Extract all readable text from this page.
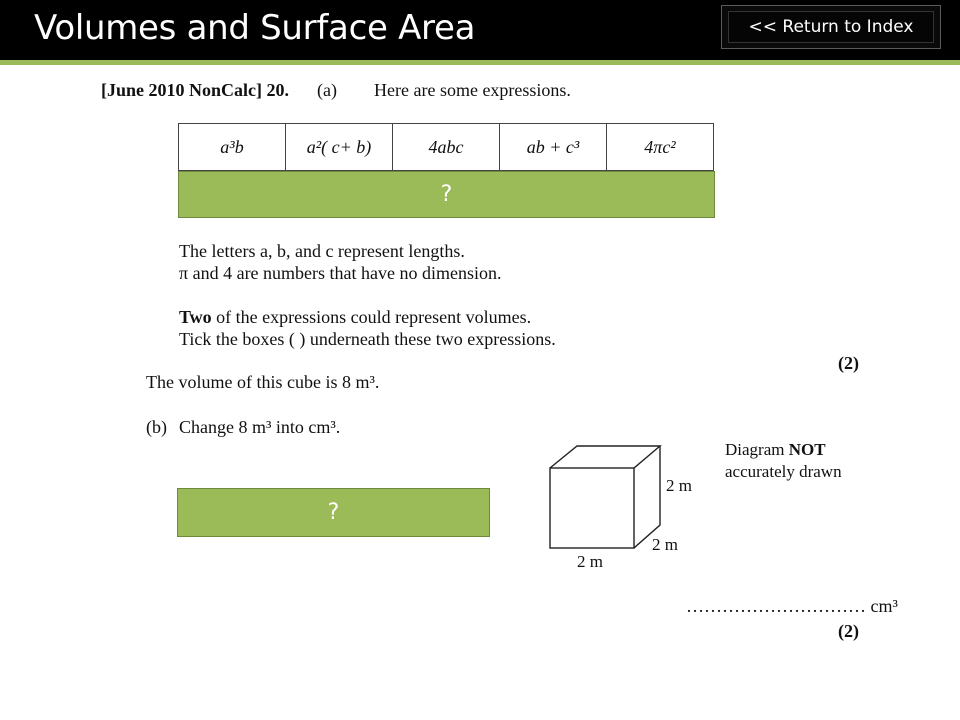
Volumes and Surface Area	<< Return to Index
[June 2010 NonCalc] 20. (a) Here are some expressions.
a³b	a²( c+ b)	4abc	ab + c³	4πc²
?
The letters a, b, and c represent lengths.
π and 4 are numbers that have no dimension.
Two of the expressions could represent volumes.
Tick the boxes ( ) underneath these two expressions.
(2)
The volume of this cube is 8 m³.
(b) Change 8 m³ into cm³.
?
2 m
2 m
2 m
Diagram NOT
accurately drawn
………………………… cm³
(2)
